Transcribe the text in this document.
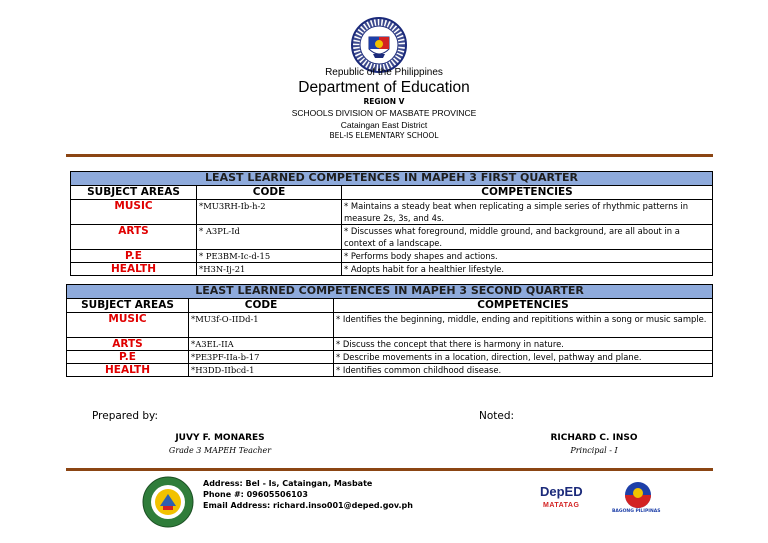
Republic of the Philippines
Department of Education
REGION V
SCHOOLS DIVISION OF MASBATE PROVINCE
Cataingan East District
BEL-IS ELEMENTARY SCHOOL
LEAST LEARNED COMPETENCES IN MAPEH 3 FIRST QUARTER		
SUBJECT AREAS	CODE	COMPETENCIES
MUSIC	*MU3RH-Ib-h-2	* Maintains a steady beat when replicating a simple series of rhythmic patterns in measure 2s, 3s, and 4s.
ARTS	* A3PL-Id	* Discusses what foreground, middle ground, and background, are all about in a context of a landscape.
P.E	* PE3BM-Ic-d-15	* Performs body shapes and actions.
HEALTH	*H3N-Ij-21	* Adopts habit for a healthier lifestyle.
LEAST LEARNED COMPETENCES IN MAPEH 3 SECOND QUARTER		
SUBJECT AREAS	CODE	COMPETENCIES
MUSIC	*MU3f-O-IIDd-1	* Identifies the beginning, middle, ending and repititions within a song or music sample.
ARTS	*A3EL-IIA	* Discuss the concept that there is harmony in nature.
P.E	*PE3PF-IIa-b-17	* Describe movements in a location, direction, level, pathway and plane.
HEALTH	*H3DD-IIbcd-1	* Identifies common childhood disease.
Prepared by:	Noted:
JUVY F. MONARES
Grade 3 MAPEH Teacher
RICHARD C. INSO
Principal - I
Address: Bel - Is, Cataingan, Masbate
Phone #: 09605506103
Email Address: richard.inso001@deped.gov.ph
DepED
MATATAG
BAGONG PILIPINAS
